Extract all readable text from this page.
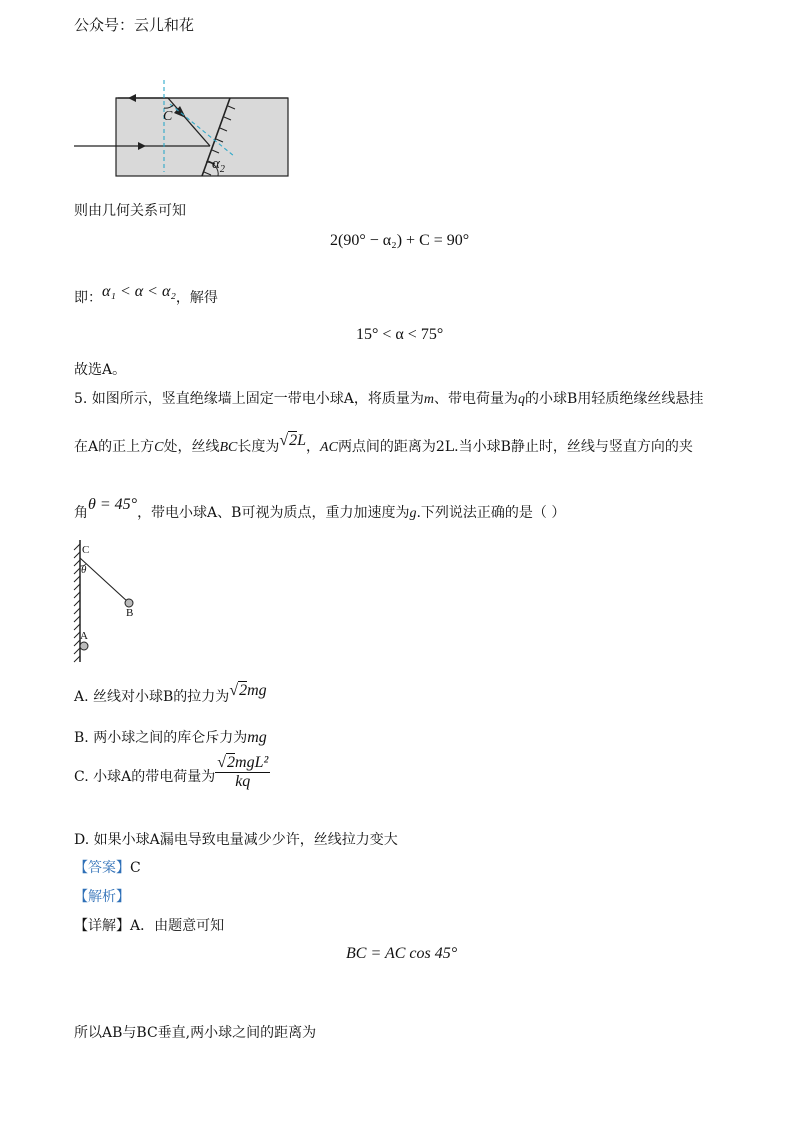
公众号：云儿和花
C
$\alpha_2$
则由几何关系可知
2(90° − α₂) + C = 90°
即：α₁ < α < α₂，解得
15° < α < 75°
故选A。
5. 如图所示，竖直绝缘墙上固定一带电小球A，将质量为m、带电荷量为q的小球B用轻质绝缘丝线悬挂
在A的正上方C处，丝线BC长度为√2L，AC两点间的距离为2L.当小球B静止时，丝线与竖直方向的夹
角θ = 45°，带电小球A、B可视为质点，重力加速度为g.下列说法正确的是（ ）
C
θ
B
A
A. 丝线对小球B的拉力为√2mg
B. 两小球之间的库仑斥力为mg
C. 小球A的带电荷量为 $\frac{\text{√2mgL²}}{kq}$
D. 如果小球A漏电导致电量减少少许，丝线拉力变大
【答案】C
【解析】
【详解】A．由题意可知
BC = AC cos 45°
所以AB与BC垂直,两小球之间的距离为
